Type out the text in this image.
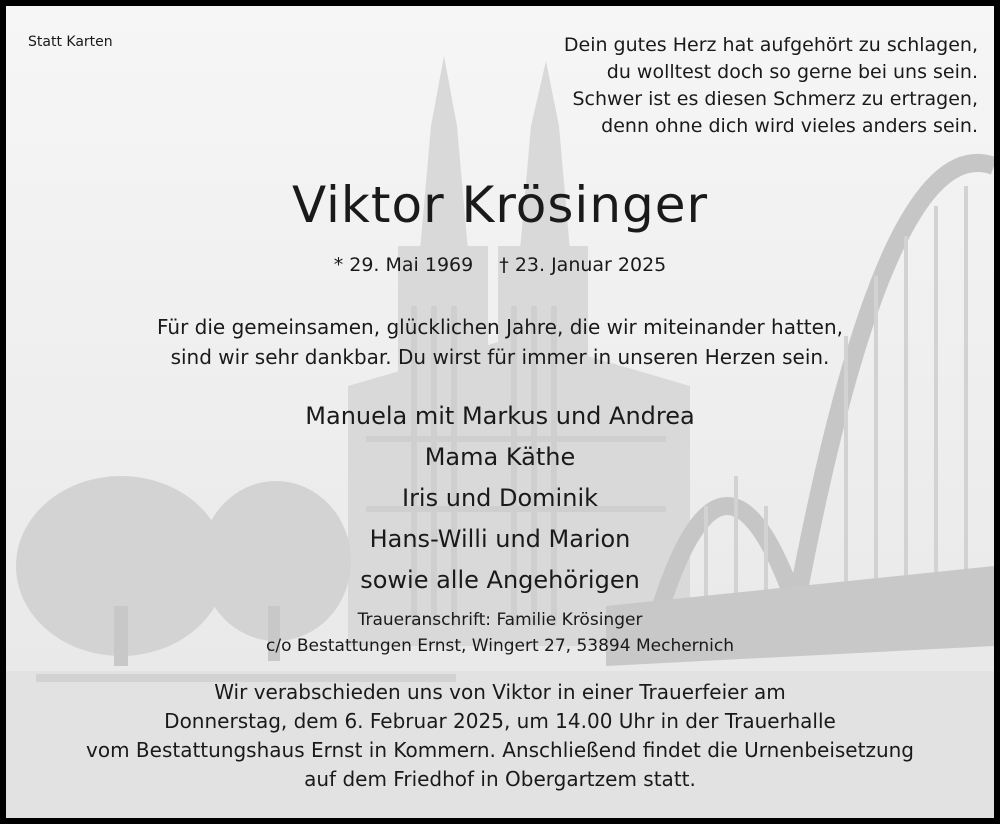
Statt Karten	Dein gutes Herz hat aufgehört zu schlagen,
du wolltest doch so gerne bei uns sein.
Schwer ist es diesen Schmerz zu ertragen,
denn ohne dich wird vieles anders sein.
Viktor Krösinger
* 29. Mai 1969 † 23. Januar 2025
Für die gemeinsamen, glücklichen Jahre, die wir miteinander hatten,
sind wir sehr dankbar. Du wirst für immer in unseren Herzen sein.
Manuela mit Markus und Andrea
Mama Käthe
Iris und Dominik
Hans-Willi und Marion
sowie alle Angehörigen
Traueranschrift: Familie Krösinger
c/o Bestattungen Ernst, Wingert 27, 53894 Mechernich
Wir verabschieden uns von Viktor in einer Trauerfeier am
Donnerstag, dem 6. Februar 2025, um 14.00 Uhr in der Trauerhalle
vom Bestattungshaus Ernst in Kommern. Anschließend findet die Urnenbeisetzung
auf dem Friedhof in Obergartzem statt.
